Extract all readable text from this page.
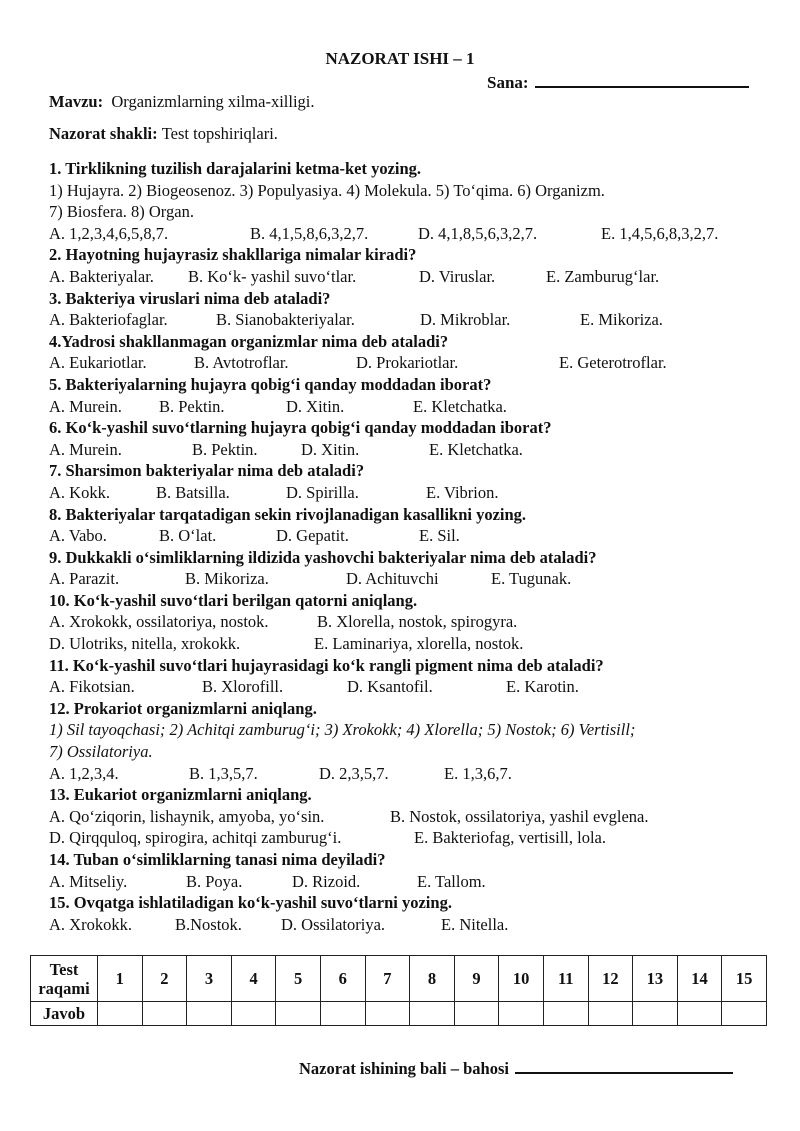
NAZORAT ISHI – 1
Sana:
Mavzu: Organizmlarning xilma-xilligi.
Nazorat shakli: Test topshiriqlari.
1. Tirklikning tuzilish darajalarini ketma-ket yozing.
1) Hujayra. 2) Biogeosenoz. 3) Populyasiya. 4) Molekula. 5) To‘qima. 6) Organizm.
7) Biosfera. 8) Organ.
A. 1,2,3,4,6,5,8,7.	B. 4,1,5,8,6,3,2,7.	D. 4,1,8,5,6,3,2,7.	E. 1,4,5,6,8,3,2,7.
2. Hayotning hujayrasiz shakllariga nimalar kiradi?
A. Bakteriyalar. B. Ko‘k- yashil suvo‘tlar.	D. Viruslar.	E. Zamburug‘lar.
3. Bakteriya viruslari nima deb ataladi?
A. Bakteriofaglar.	B. Sianobakteriyalar.	D. Mikroblar.	E. Mikoriza.
4.Yadrosi shakllanmagan organizmlar nima deb ataladi?
A. Eukariotlar.	B. Avtotroflar.	D. Prokariotlar.	E. Geterotroflar.
5. Bakteriyalarning hujayra qobig‘i qanday moddadan iborat?
A. Murein. B. Pektin.	D. Xitin.	E. Kletchatka.
6. Ko‘k-yashil suvo‘tlarning hujayra qobig‘i qanday moddadan iborat?
A. Murein.	B. Pektin.	D. Xitin.	E. Kletchatka.
7. Sharsimon bakteriyalar nima deb ataladi?
A. Kokk.	B. Batsilla.	D. Spirilla.	E. Vibrion.
8. Bakteriyalar tarqatadigan sekin rivojlanadigan kasallikni yozing.
A. Vabo.	B. O‘lat.	D. Gepatit.	E. Sil.
9. Dukkakli o‘simliklarning ildizida yashovchi bakteriyalar nima deb ataladi?
A. Parazit.	B. Mikoriza.	D. Achituvchi	E. Tugunak.
10. Ko‘k-yashil suvo‘tlari berilgan qatorni aniqlang.
A. Xrokokk, ossilatoriya, nostok.	B. Xlorella, nostok, spirogyra.
D. Ulotriks, nitella, xrokokk.	E. Laminariya, xlorella, nostok.
11. Ko‘k-yashil suvo‘tlari hujayrasidagi ko‘k rangli pigment nima deb ataladi?
A. Fikotsian.	B. Xlorofill.	D. Ksantofil.	E. Karotin.
12. Prokariot organizmlarni aniqlang.
1) Sil tayoqchasi; 2) Achitqi zamburug‘i; 3) Xrokokk; 4) Xlorella; 5) Nostok; 6) Vertisill;
7) Ossilatoriya.
A. 1,2,3,4.	B. 1,3,5,7.	D. 2,3,5,7.	E. 1,3,6,7.
13. Eukariot organizmlarni aniqlang.
A. Qo‘ziqorin, lishaynik, amyoba, yo‘sin.	B. Nostok, ossilatoriya, yashil evglena.
D. Qirqquloq, spirogira, achitqi zamburug‘i.	E. Bakteriofag, vertisill, lola.
14. Tuban o‘simliklarning tanasi nima deyiladi?
A. Mitseliy.	B. Poya.	D. Rizoid.	E. Tallom.
15. Ovqatga ishlatiladigan ko‘k-yashil suvo‘tlarni yozing.
A. Xrokokk.	B.Nostok. D. Ossilatoriya.	E. Nitella.
Test
raqami	1	2	3	4	5	6	7	8	9	10	11	12	13	14	15
Javob															
Nazorat ishining bali – bahosi
